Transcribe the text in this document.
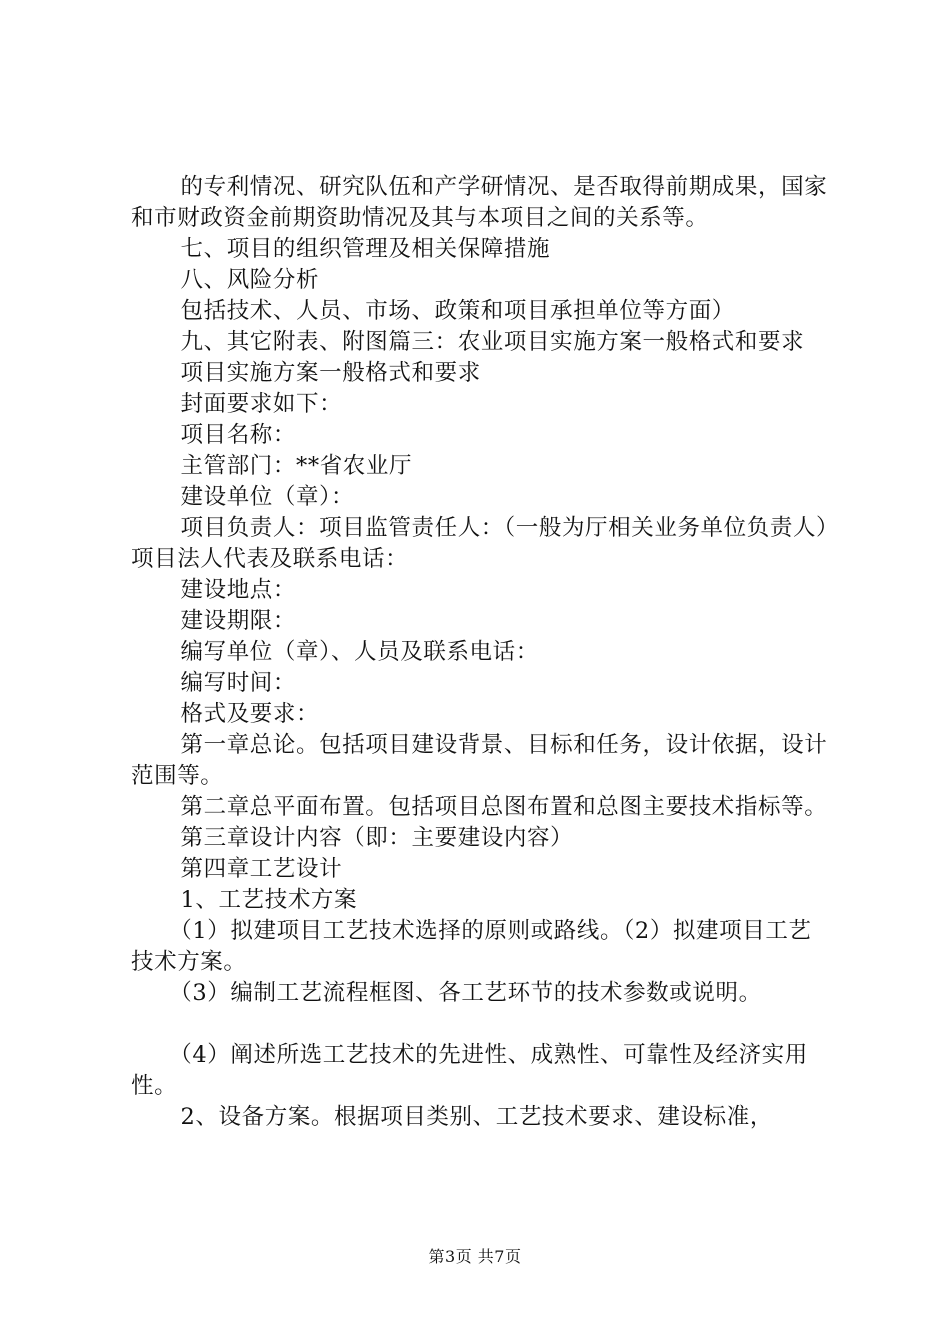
的专利情况、研究队伍和产学研情况、是否取得前期成果，国家和市财政资金前期资助情况及其与本项目之间的关系等。

七、项目的组织管理及相关保障措施

八、风险分析

包括技术、人员、市场、政策和项目承担单位等方面）

九、其它附表、附图篇三：农业项目实施方案一般格式和要求

项目实施方案一般格式和要求

封面要求如下：

项目名称：

主管部门：**省农业厅

建设单位（章）：

项目负责人：项目监管责任人：（一般为厅相关业务单位负责人）项目法人代表及联系电话：

建设地点：

建设期限：

编写单位（章）、人员及联系电话：

编写时间：

格式及要求：

第一章总论。包括项目建设背景、目标和任务，设计依据，设计范围等。

第二章总平面布置。包括项目总图布置和总图主要技术指标等。

第三章设计内容（即：主要建设内容）

第四章工艺设计

1、工艺技术方案

（1）拟建项目工艺技术选择的原则或路线。（2）拟建项目工艺技术方案。

（3）编制工艺流程框图、各工艺环节的技术参数或说明。

（4）阐述所选工艺技术的先进性、成熟性、可靠性及经济实用性。

2、设备方案。根据项目类别、工艺技术要求、建设标准，

第3页 共7页
